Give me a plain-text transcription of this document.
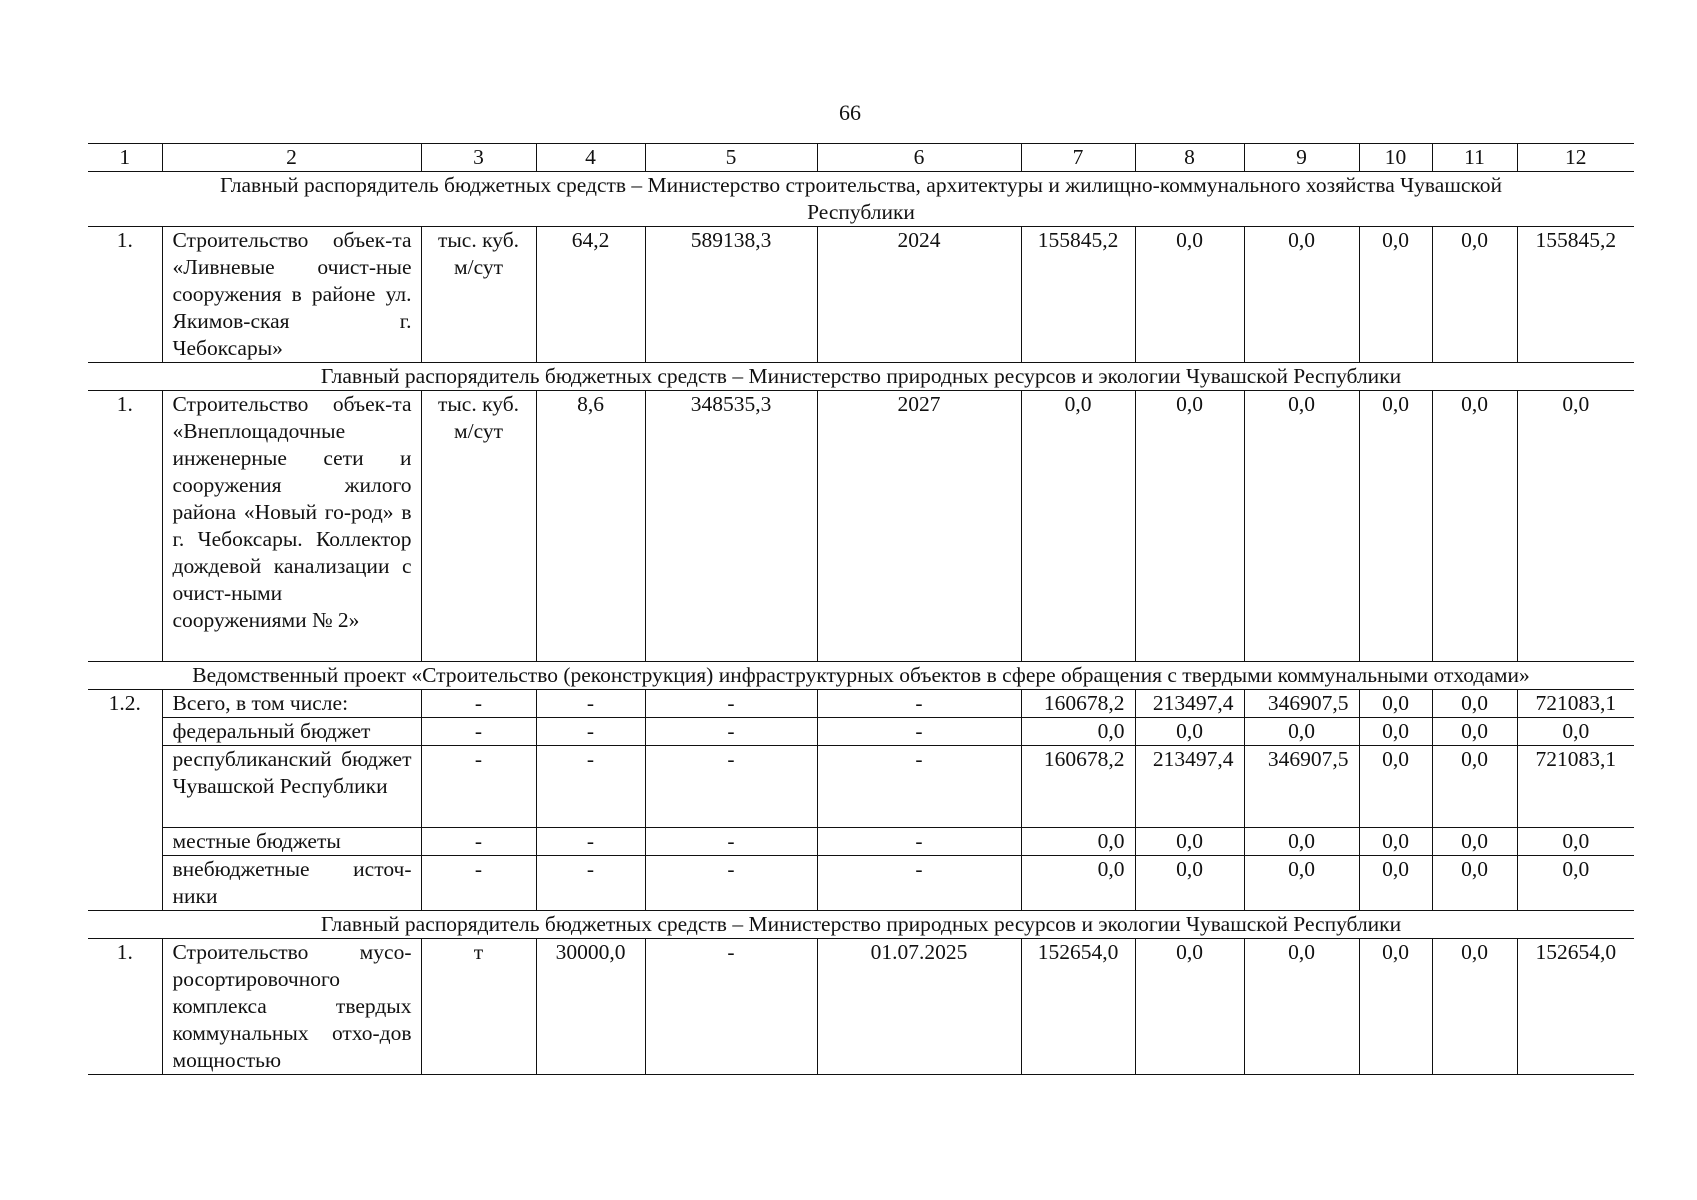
66
1	2	3	4	5	6	7	8	9	10	11	12
Главный распорядитель бюджетных средств – Министерство строительства, архитектуры и жилищно-коммунального хозяйства Чувашской Республики											
1.	Строительство объек-та «Ливневые очист-ные сооружения в районе ул. Якимов-ская г. Чебоксары»	тыс. куб. м/сут	64,2	589138,3	2024	155845,2	0,0	0,0	0,0	0,0	155845,2
Главный распорядитель бюджетных средств – Министерство природных ресурсов и экологии Чувашской Республики											
1.	Строительство объек-та «Внеплощадочные инженерные сети и сооружения жилого района «Новый го-род» в г. Чебоксары. Коллектор дождевой канализации с очист-ными сооружениями № 2»	тыс. куб. м/сут	8,6	348535,3	2027	0,0	0,0	0,0	0,0	0,0	0,0
Ведомственный проект «Строительство (реконструкция) инфраструктурных объектов в сфере обращения с твердыми коммунальными отходами»											
1.2.	Всего, в том числе:	-	-	-	-	160678,2	213497,4	346907,5	0,0	0,0	721083,1
	федеральный бюджет	-	-	-	-	0,0	0,0	0,0	0,0	0,0	0,0
	республиканский бюджет Чувашской Республики	-	-	-	-	160678,2	213497,4	346907,5	0,0	0,0	721083,1
	местные бюджеты	-	-	-	-	0,0	0,0	0,0	0,0	0,0	0,0
	внебюджетные источ-ники	-	-	-	-	0,0	0,0	0,0	0,0	0,0	0,0
Главный распорядитель бюджетных средств – Министерство природных ресурсов и экологии Чувашской Республики											
1.	Строительство мусо-росортировочного комплекса твердых коммунальных отхо-дов мощностью	т	30000,0	-	01.07.2025	152654,0	0,0	0,0	0,0	0,0	152654,0
